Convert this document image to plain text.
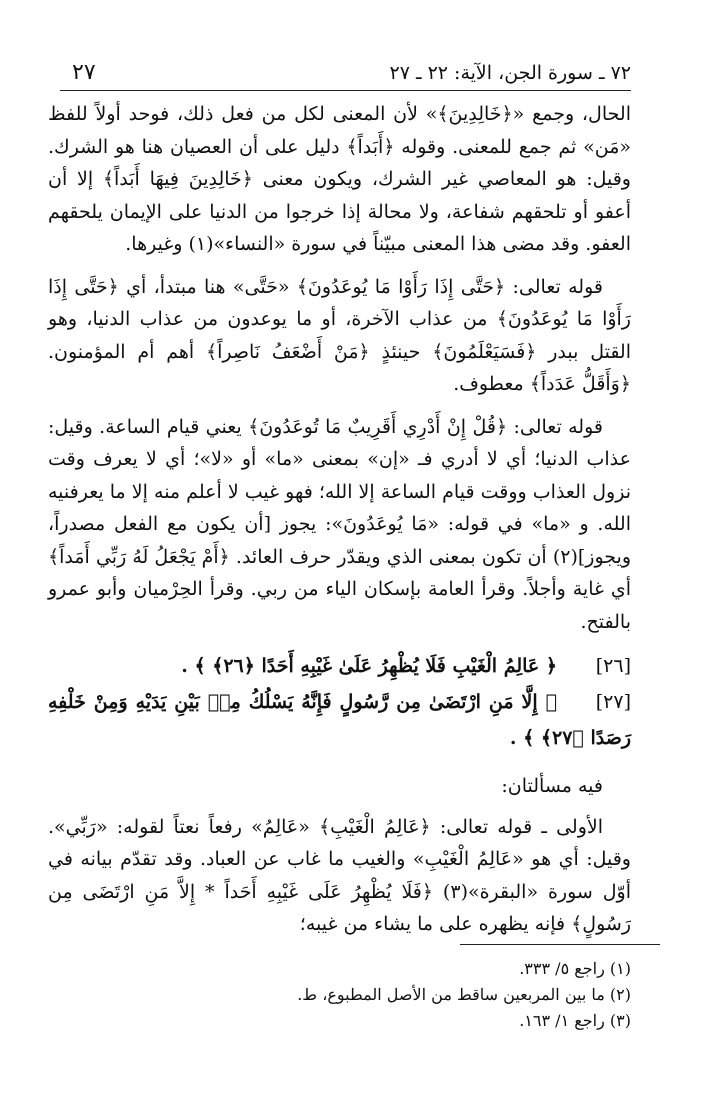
٧٢ ـ سورة الجن، الآية: ٢٢ ـ ٢٧
٢٧

الحال، وجمع «﴿خَالِدِينَ﴾» لأن المعنى لكل من فعل ذلك، فوحد أولاً للفظ «مَن» ثم جمع للمعنى. وقوله ﴿أَبَداً﴾ دليل على أن العصيان هنا هو الشرك. وقيل: هو المعاصي غير الشرك، ويكون معنى ﴿خَالِدِينَ فِيهَا أَبَداً﴾ إلا أن أعفو أو تلحقهم شفاعة، ولا محالة إذا خرجوا من الدنيا على الإيمان يلحقهم العفو. وقد مضى هذا المعنى مبيّناً في سورة «النساء»(١) وغيرها.

قوله تعالى: ﴿حَتَّى إِذَا رَأَوْا مَا يُوعَدُونَ﴾ «حَتَّى» هنا مبتدأ، أي ﴿حَتَّى إِذَا رَأَوْا مَا يُوعَدُونَ﴾ من عذاب الآخرة، أو ما يوعدون من عذاب الدنيا، وهو القتل ببدر ﴿فَسَيَعْلَمُونَ﴾ حينئذٍ ﴿مَنْ أَضْعَفُ نَاصِراً﴾ أهم أم المؤمنون. ﴿وَأَقَلُّ عَدَداً﴾ معطوف.

قوله تعالى: ﴿قُلْ إِنْ أَدْرِي أَقَرِيبٌ مَا تُوعَدُونَ﴾ يعني قيام الساعة. وقيل: عذاب الدنيا؛ أي لا أدري فـ «إن» بمعنى «ما» أو «لا»؛ أي لا يعرف وقت نزول العذاب ووقت قيام الساعة إلا الله؛ فهو غيب لا أعلم منه إلا ما يعرفنيه الله. و «ما» في قوله: «مَا يُوعَدُونَ»: يجوز [أن يكون مع الفعل مصدراً، ويجوز](٢) أن تكون بمعنى الذي ويقدّر حرف العائد. ﴿أَمْ يَجْعَلُ لَهُ رَبِّي أَمَداً﴾ أي غاية وأجلاً. وقرأ العامة بإسكان الياء من ربي. وقرأ الحِرْميان وأبو عمرو بالفتح.

[٢٦]﴿ عَالِمُ الْغَيْبِ فَلَا يُظْهِرُ عَلَىٰ غَيْبِهِ أَحَدًا ﴿٢٦﴾ ﴾ .

[٢٧]﴿ إِلَّا مَنِ ارْتَضَىٰ مِن رَّسُولٍ فَإِنَّهُ يَسْلُكُ مِنۢ بَيْنِ يَدَيْهِ وَمِنْ خَلْفِهِ رَصَدًا ﴿٢٧﴾ ﴾ .

فيه مسألتان:

الأولى ـ قوله تعالى: ﴿عَالِمُ الْغَيْبِ﴾ «عَالِمُ» رفعاً نعتاً لقوله: «رَبِّي». وقيل: أي هو «عَالِمُ الْغَيْبِ» والغيب ما غاب عن العباد. وقد تقدّم بيانه في أوّل سورة «البقرة»(٣) ﴿فَلَا يُظْهِرُ عَلَى غَيْبِهِ أَحَداً * إِلاَّ مَنِ ارْتَضَى مِن رَسُولٍ﴾ فإنه يظهره على ما يشاء من غيبه؛

(١) راجع ٥/ ٣٣٣.

(٢) ما بين المربعين ساقط من الأصل المطبوع، ط.

(٣) راجع ١/ ١٦٣.
